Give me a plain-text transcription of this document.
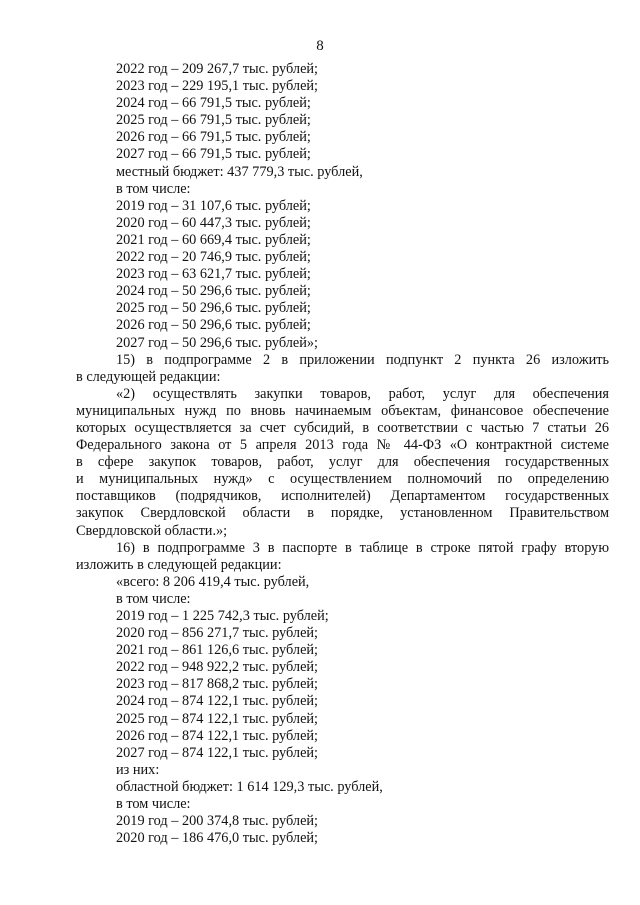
8
2022 год – 209 267,7 тыс. рублей;
2023 год – 229 195,1 тыс. рублей;
2024 год – 66 791,5 тыс. рублей;
2025 год – 66 791,5 тыс. рублей;
2026 год – 66 791,5 тыс. рублей;
2027 год – 66 791,5 тыс. рублей;
местный бюджет: 437 779,3 тыс. рублей,
в том числе:
2019 год – 31 107,6 тыс. рублей;
2020 год – 60 447,3 тыс. рублей;
2021 год – 60 669,4 тыс. рублей;
2022 год – 20 746,9 тыс. рублей;
2023 год – 63 621,7 тыс. рублей;
2024 год – 50 296,6 тыс. рублей;
2025 год – 50 296,6 тыс. рублей;
2026 год – 50 296,6 тыс. рублей;
2027 год – 50 296,6 тыс. рублей»;
15) в подпрограмме 2 в приложении подпункт 2 пункта 26 изложить
в следующей редакции:
«2) осуществлять закупки товаров, работ, услуг для обеспечения
муниципальных нужд по вновь начинаемым объектам, финансовое обеспечение
которых осуществляется за счет субсидий, в соответствии с частью 7 статьи 26
Федерального закона от 5 апреля 2013 года № 44-ФЗ «О контрактной системе
в сфере закупок товаров, работ, услуг для обеспечения государственных
и муниципальных нужд» с осуществлением полномочий по определению
поставщиков (подрядчиков, исполнителей) Департаментом государственных
закупок Свердловской области в порядке, установленном Правительством
Свердловской области.»;
16) в подпрограмме 3 в паспорте в таблице в строке пятой графу вторую
изложить в следующей редакции:
«всего: 8 206 419,4 тыс. рублей,
в том числе:
2019 год – 1 225 742,3 тыс. рублей;
2020 год – 856 271,7 тыс. рублей;
2021 год – 861 126,6 тыс. рублей;
2022 год – 948 922,2 тыс. рублей;
2023 год – 817 868,2 тыс. рублей;
2024 год – 874 122,1 тыс. рублей;
2025 год – 874 122,1 тыс. рублей;
2026 год – 874 122,1 тыс. рублей;
2027 год – 874 122,1 тыс. рублей;
из них:
областной бюджет: 1 614 129,3 тыс. рублей,
в том числе:
2019 год – 200 374,8 тыс. рублей;
2020 год – 186 476,0 тыс. рублей;
